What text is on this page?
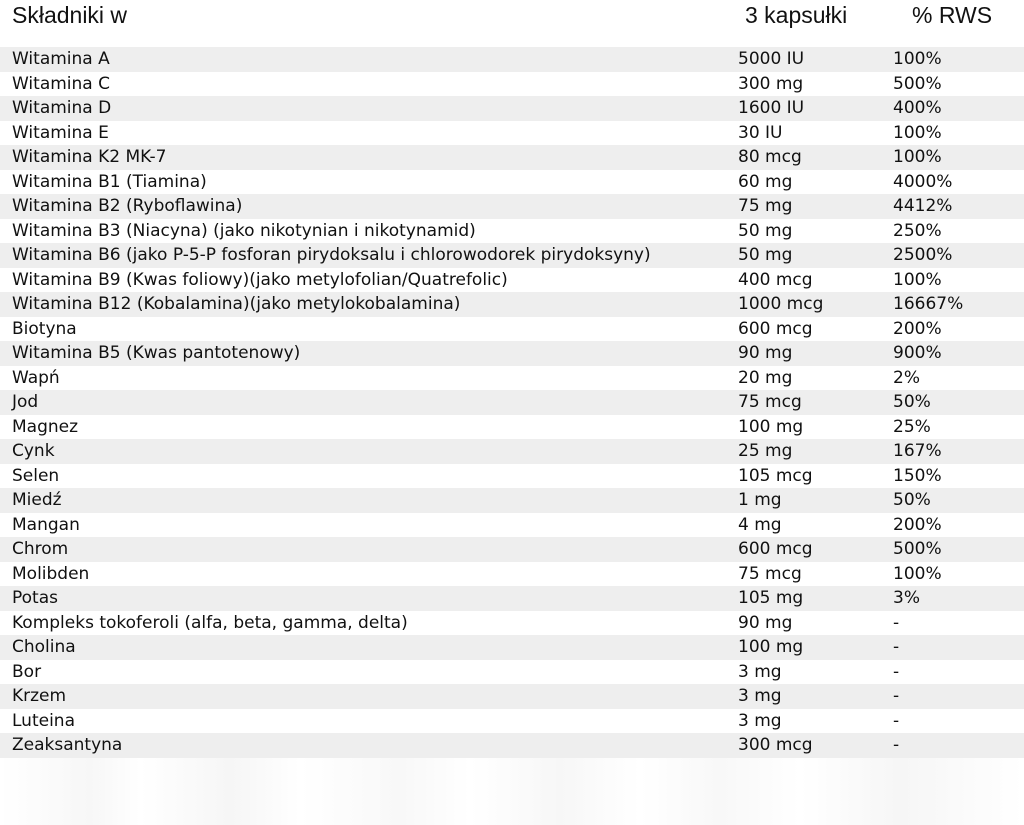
Składniki w	3 kapsułki	% RWS
Witamina A	5000 IU	100%
Witamina C	300 mg	500%
Witamina D	1600 IU	400%
Witamina E	30 IU	100%
Witamina K2 MK-7	80 mcg	100%
Witamina B1 (Tiamina)	60 mg	4000%
Witamina B2 (Ryboflawina)	75 mg	4412%
Witamina B3 (Niacyna) (jako nikotynian i nikotynamid)	50 mg	250%
Witamina B6 (jako P-5-P fosforan pirydoksalu i chlorowodorek pirydoksyny)	50 mg	2500%
Witamina B9 (Kwas foliowy)(jako metylofolian/Quatrefolic)	400 mcg	100%
Witamina B12 (Kobalamina)(jako metylokobalamina)	1000 mcg	16667%
Biotyna	600 mcg	200%
Witamina B5 (Kwas pantotenowy)	90 mg	900%
Wapń	20 mg	2%
Jod	75 mcg	50%
Magnez	100 mg	25%
Cynk	25 mg	167%
Selen	105 mcg	150%
Miedź	1 mg	50%
Mangan	4 mg	200%
Chrom	600 mcg	500%
Molibden	75 mcg	100%
Potas	105 mg	3%
Kompleks tokoferoli (alfa, beta, gamma, delta)	90 mg	-
Cholina	100 mg	-
Bor	3 mg	-
Krzem	3 mg	-
Luteina	3 mg	-
Zeaksantyna	300 mcg	-
